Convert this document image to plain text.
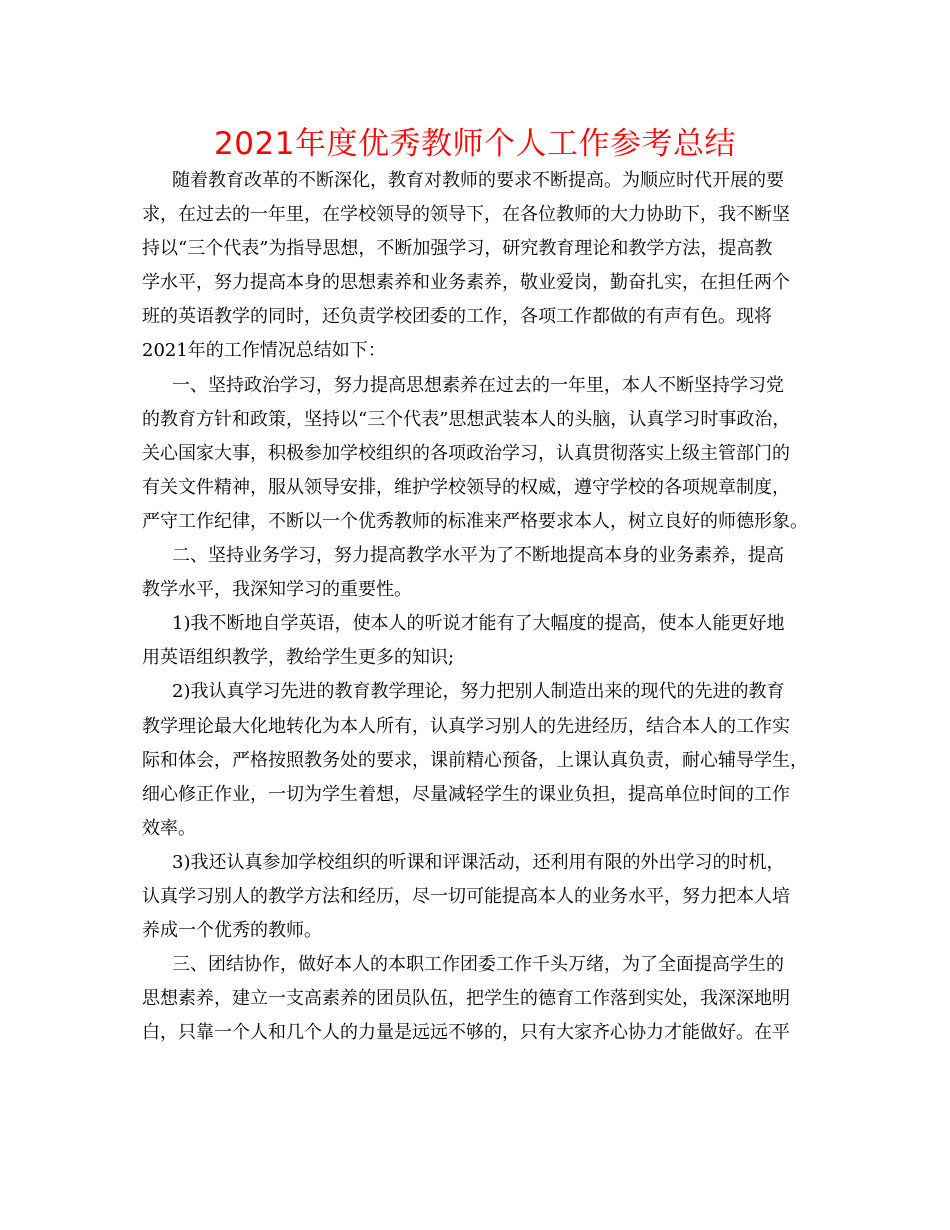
2021年度优秀教师个人工作参考总结
随着教育改革的不断深化，教育对教师的要求不断提高。为顺应时代开展的要
求，在过去的一年里，在学校领导的领导下，在各位教师的大力协助下，我不断坚
持以“三个代表”为指导思想，不断加强学习，研究教育理论和教学方法，提高教
学水平，努力提高本身的思想素养和业务素养，敬业爱岗，勤奋扎实，在担任两个
班的英语教学的同时，还负责学校团委的工作，各项工作都做的有声有色。现将
2021年的工作情况总结如下：
一、坚持政治学习，努力提高思想素养在过去的一年里，本人不断坚持学习党
的教育方针和政策，坚持以“三个代表”思想武装本人的头脑，认真学习时事政治，
关心国家大事，积极参加学校组织的各项政治学习，认真贯彻落实上级主管部门的
有关文件精神，服从领导安排，维护学校领导的权威，遵守学校的各项规章制度，
严守工作纪律，不断以一个优秀教师的标准来严格要求本人，树立良好的师德形象。
二、坚持业务学习，努力提高教学水平为了不断地提高本身的业务素养，提高
教学水平，我深知学习的重要性。
1)我不断地自学英语，使本人的听说才能有了大幅度的提高，使本人能更好地
用英语组织教学，教给学生更多的知识;
2)我认真学习先进的教育教学理论，努力把别人制造出来的现代的先进的教育
教学理论最大化地转化为本人所有，认真学习别人的先进经历，结合本人的工作实
际和体会，严格按照教务处的要求，课前精心预备，上课认真负责，耐心辅导学生，
细心修正作业，一切为学生着想，尽量减轻学生的课业负担，提高单位时间的工作
效率。
3)我还认真参加学校组织的听课和评课活动，还利用有限的外出学习的时机，
认真学习别人的教学方法和经历，尽一切可能提高本人的业务水平，努力把本人培
养成一个优秀的教师。
三、团结协作，做好本人的本职工作团委工作千头万绪，为了全面提高学生的
思想素养，建立一支高素养的团员队伍，把学生的德育工作落到实处，我深深地明
白，只靠一个人和几个人的力量是远远不够的，只有大家齐心协力才能做好。在平
